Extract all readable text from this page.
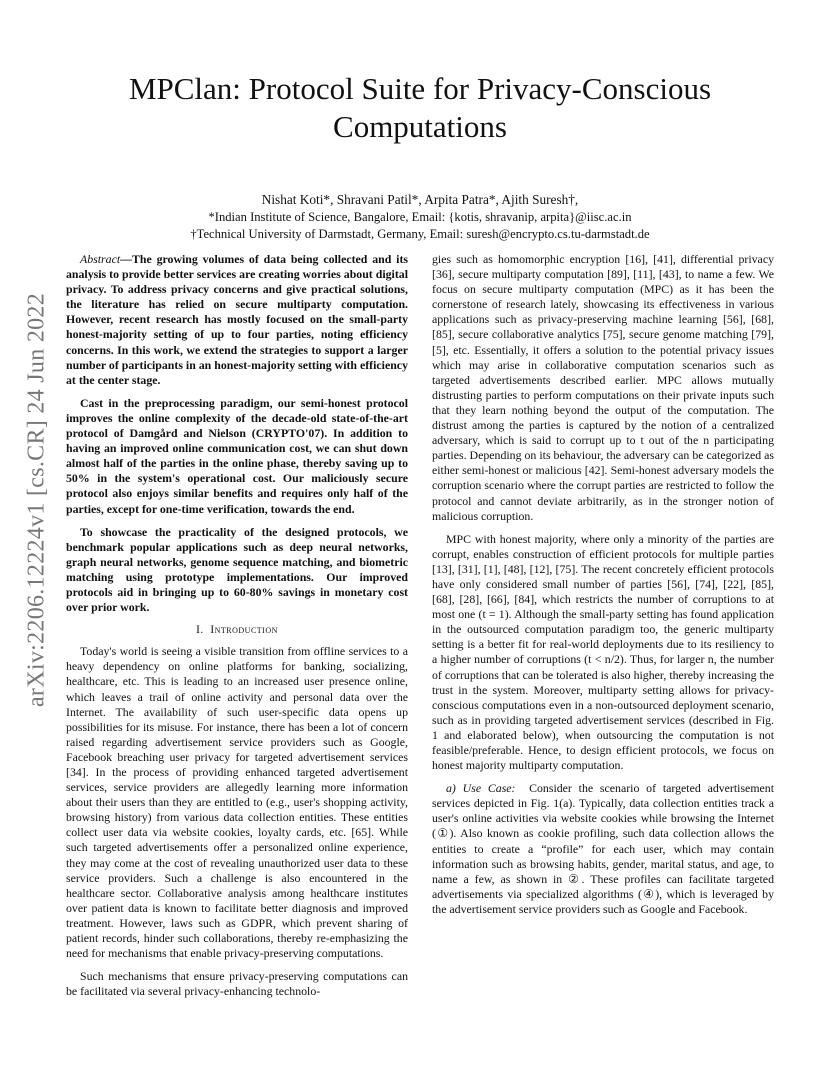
arXiv:2206.12224v1 [cs.CR] 24 Jun 2022
MPClan: Protocol Suite for Privacy-Conscious Computations
Nishat Koti*, Shravani Patil*, Arpita Patra*, Ajith Suresh†,
*Indian Institute of Science, Bangalore, Email: {kotis, shravanip, arpita}@iisc.ac.in
†Technical University of Darmstadt, Germany, Email: suresh@encrypto.cs.tu-darmstadt.de

Abstract—The growing volumes of data being collected and its analysis to provide better services are creating worries about digital privacy. To address privacy concerns and give practical solutions, the literature has relied on secure multiparty computation. However, recent research has mostly focused on the small-party honest-majority setting of up to four parties, noting efficiency concerns. In this work, we extend the strategies to support a larger number of participants in an honest-majority setting with efficiency at the center stage.

Cast in the preprocessing paradigm, our semi-honest protocol improves the online complexity of the decade-old state-of-the-art protocol of Damgård and Nielson (CRYPTO'07). In addition to having an improved online communication cost, we can shut down almost half of the parties in the online phase, thereby saving up to 50% in the system's operational cost. Our maliciously secure protocol also enjoys similar benefits and requires only half of the parties, except for one-time verification, towards the end.

To showcase the practicality of the designed protocols, we benchmark popular applications such as deep neural networks, graph neural networks, genome sequence matching, and biometric matching using prototype implementations. Our improved protocols aid in bringing up to 60-80% savings in monetary cost over prior work.

I. Introduction

Today's world is seeing a visible transition from offline services to a heavy dependency on online platforms for banking, socializing, healthcare, etc. This is leading to an increased user presence online, which leaves a trail of online activity and personal data over the Internet. The availability of such user-specific data opens up possibilities for its misuse. For instance, there has been a lot of concern raised regarding advertisement service providers such as Google, Facebook breaching user privacy for targeted advertisement services [34]. In the process of providing enhanced targeted advertisement services, service providers are allegedly learning more information about their users than they are entitled to (e.g., user's shopping activity, browsing history) from various data collection entities. These entities collect user data via website cookies, loyalty cards, etc. [65]. While such targeted advertisements offer a personalized online experience, they may come at the cost of revealing unauthorized user data to these service providers. Such a challenge is also encountered in the healthcare sector. Collaborative analysis among healthcare institutes over patient data is known to facilitate better diagnosis and improved treatment. However, laws such as GDPR, which prevent sharing of patient records, hinder such collaborations, thereby re-emphasizing the need for mechanisms that enable privacy-preserving computations.

Such mechanisms that ensure privacy-preserving computations can be facilitated via several privacy-enhancing technolo-

gies such as homomorphic encryption [16], [41], differential privacy [36], secure multiparty computation [89], [11], [43], to name a few. We focus on secure multiparty computation (MPC) as it has been the cornerstone of research lately, showcasing its effectiveness in various applications such as privacy-preserving machine learning [56], [68], [85], secure collaborative analytics [75], secure genome matching [79], [5], etc. Essentially, it offers a solution to the potential privacy issues which may arise in collaborative computation scenarios such as targeted advertisements described earlier. MPC allows mutually distrusting parties to perform computations on their private inputs such that they learn nothing beyond the output of the computation. The distrust among the parties is captured by the notion of a centralized adversary, which is said to corrupt up to t out of the n participating parties. Depending on its behaviour, the adversary can be categorized as either semi-honest or malicious [42]. Semi-honest adversary models the corruption scenario where the corrupt parties are restricted to follow the protocol and cannot deviate arbitrarily, as in the stronger notion of malicious corruption.

MPC with honest majority, where only a minority of the parties are corrupt, enables construction of efficient protocols for multiple parties [13], [31], [1], [48], [12], [75]. The recent concretely efficient protocols have only considered small number of parties [56], [74], [22], [85], [68], [28], [66], [84], which restricts the number of corruptions to at most one (t = 1). Although the small-party setting has found application in the outsourced computation paradigm too, the generic multiparty setting is a better fit for real-world deployments due to its resiliency to a higher number of corruptions (t < n/2). Thus, for larger n, the number of corruptions that can be tolerated is also higher, thereby increasing the trust in the system. Moreover, multiparty setting allows for privacy-conscious computations even in a non-outsourced deployment scenario, such as in providing targeted advertisement services (described in Fig. 1 and elaborated below), when outsourcing the computation is not feasible/preferable. Hence, to design efficient protocols, we focus on honest majority multiparty computation.

a) Use Case: Consider the scenario of targeted advertisement services depicted in Fig. 1(a). Typically, data collection entities track a user's online activities via website cookies while browsing the Internet (①). Also known as cookie profiling, such data collection allows the entities to create a “profile” for each user, which may contain information such as browsing habits, gender, marital status, and age, to name a few, as shown in ②. These profiles can facilitate targeted advertisements via specialized algorithms (④), which is leveraged by the advertisement service providers such as Google and Facebook.
